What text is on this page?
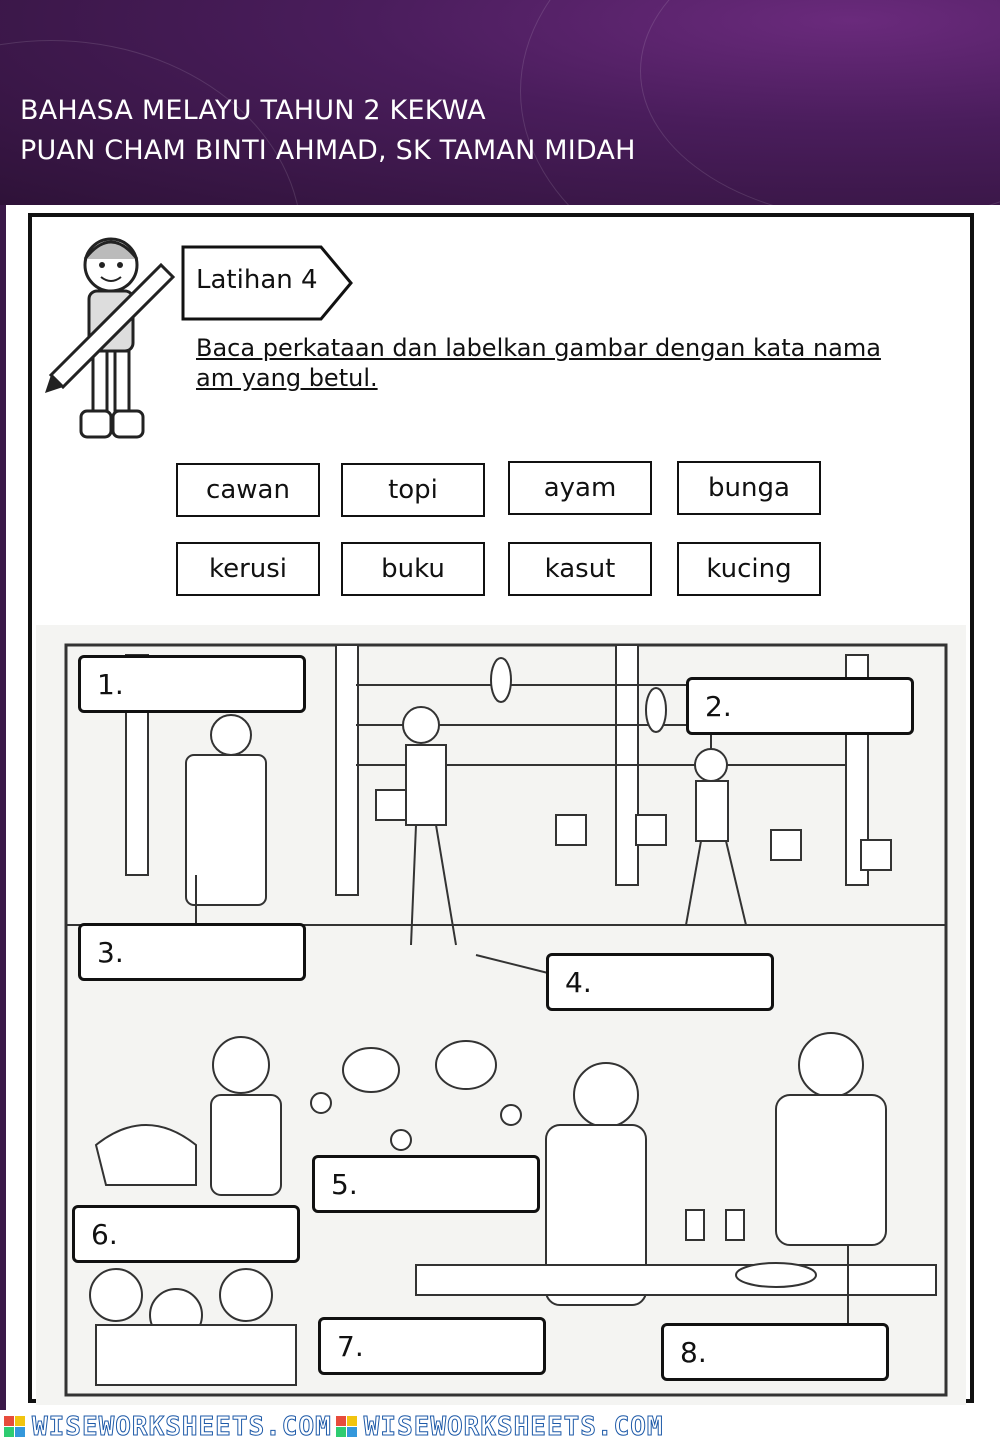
BAHASA MELAYU TAHUN 2 KEKWA
PUAN CHAM BINTI AHMAD, SK TAMAN MIDAH
Latihan 4
Baca perkataan dan labelkan gambar dengan kata nama am yang betul.
cawan	topi	ayam	bunga
kerusi	buku	kasut	kucing
1.
2.
3.
4.
5.
6.
7.	8.
WISEWORKSHEETS.COM WISEWORKSHEETS.COM
